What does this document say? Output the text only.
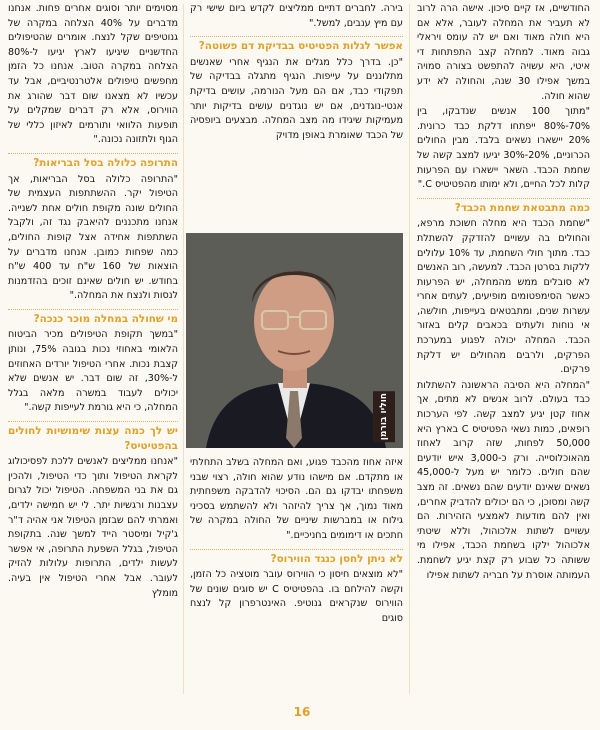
החודשיים, אז קיים סיכון. אישה הרה לרוב לא תעביר את המחלה לעובר, אלא אם היא חולה מאוד ואם יש לה עומס ויראלי גבוה מאוד. למחלה קצב התפתחות די איטי, היא עשויה להתפשט בצורה סמויה במשך אפילו 30 שנה, והחולה לא ידע שהוא חולה.

"מתוך 100 אנשים שנדבקו, בין 70%-80% ייפתחו דלקת כבד כרונית. 20% יישארו נשאים בלבד. מבין החולים הכרוניים, 20%-30% יגיעו למצב קשה של שחמת הכבד. השאר יישארו עם הפרעות קלות לכל החיים, ולא ימותו מהפטיטיס C."

כמה מתבטאת שחמת הכבד?

"שחמת הכבד היא מחלה חשוכת מרפא, והחולים בה עשויים להזדקק להשתלת כבד. מתוך חולי השחמת, עד 10% עלולים ללקות בסרטן הכבד. למעשה, רוב האנשים לא סובלים ממש מהמחלה, יש הפרעות כאשר הסימפטומים מופיעים, לעתים אחרי עשרות שנים, ומתבטאים בעייפות, חולשה, אי נוחות ולעתים בכאבים קלים באזור הכבד. המחלה יכולה לפגוע במערכת הפרקים, ולרבים מהחולים יש דלקת פרקים.

"המחלה היא הסיבה הראשונה להשתלות כבד בעולם. לרוב אנשים לא מתים, אך אחוז קטן יגיע למצב קשה. לפי הערכות רופאים, כמות נשאי הפטיטיס C בארץ היא 50,000 לפחות, שזה קרוב לאחוז מהאוכלוסייה. ורק כ-3,000 איש יודעים שהם חולים. כלומר יש מעל ל-45,000 נשאים שאינם יודעים שהם נשאים. זה מצב קשה ומסוכן, כי הם יכולים להדביק אחרים, ואין להם מודעות לאמצעי הזהירות. הם עשויים לשתות אלכוהול, וללא שיטתי אלכוהול ילקו בשחמת הכבד, אפילו מי ששותה כל שבוע רק קצת יגיע לשחמת. העמותה אוסרת על חבריה לשתות אפילו

בירה. לחברים דתיים ממליצים לקדש ביום שישי רק עם מיץ ענבים, למשל."

אפשר לגלות הפטיטיס בבדיקת דם פשוטה?

"כן. בדרך כלל מגלים את הנגיף אחרי שאנשים מתלוננים על עייפות. הנגיף מתגלה בבדיקה של תפקודי כבד, אם הם מעל הנורמה, עושים בדיקת אנטי-נוגדנים, אם יש נוגדנים עושים בדיקות יותר מעמיקות שיגידו מה מצב המחלה. מבצעים ביופסיה של הכבד שאומרת באופן מדויק

מסוימים יותר וסוגים אחרים פחות. אנחנו מדברים על 40% הצלחה במקרה של גנוטיפים שקל לנצח. אומרים שהטיפולים החדשניים שיגיעו לארץ יגיעו ל-80% הצלחה במקרה הטוב. אנחנו כל הזמן מחפשים טיפולים אלטרנטיביים, אבל עד עכשיו לא מצאנו שום דבר שהורג את הווירוס, אלא רק דברים שמקלים על תופעות הלוואי ותורמים לאיזון כללי של הגוף ולתזונה נכונה."

התרופה כלולה בסל הבריאות?

"התרופה כלולה בסל הבריאות, אך הטיפול יקר. ההשתתפות העצמית של החולים שונה מקופת חולים אחת לשנייה. אנחנו מתכננים להיאבק נגד זה, ולקבל השתתפות אחידה אצל קופות החולים, כמה שפחות כמובן. אנחנו מדברים על הוצאות של 160 ש"ח עד 400 ש"ח בחודש. יש חולים שאינם זוכים בהזדמנות לנסות ולנצח את המחלה."

מי שחולה במחלה מוכר כנכה?

"במשך תקופת הטיפולים מכיר הביטוח הלאומי באחוזי נכות בגובה 75%, ונותן קצבת נכות. אחרי הטיפול יורדים האחוזים ל-30%, זה שום דבר. יש אנשים שלא יכולים לעבוד במשרה מלאה בגלל המחלה, כי היא גורמת לעייפות קשה."

יש לך כמה עצות שימושיות לחולים בהפטיטיס?

"אנחנו ממליצים לאנשים ללכת לפסיכולוג לקראת הטיפול ותוך כדי הטיפול, ולהכין גם את בני המשפחה. הטיפול יכול לגרום עצבנות ורגשיות יתר. לי יש חמישה ילדים, ואמרתי להם שבזמן הטיפול אני אהיה ד"ר ג'קיל ומיסטר הייד למשך שנה. בתקופת הטיפול, בגלל השפעת התרופה, אי אפשר לעשות ילדים, התרופות עלולות להזיק לעובר. אבל אחרי הטיפול אין בעיה. מומלץ

איזה אחוז מהכבד פגוע, ואם המחלה בשלב התחלתי או מתקדם. אם מישהו נודע שהוא חולה, רצוי שבני משפחתו יבדקו גם הם. הסיכוי להדבקה משפחתית מאוד נמוך, אך צריך להיזהר ולא להשתמש בסכיני גילוח או במברשות שיניים של החולה במקרה של חתכים או דימומים בחניכיים."

לא ניתן לחסן כנגד הווירוס?

"לא מוצאים חיסון כי הווירוס עובר מוטציה כל הזמן, וקשה להילחם בו. בהפטיטיס C יש סוגים שונים של הווירוס שנקראים גנוטיפ. האינטרפרון קל לנצח סוגים

חוליו בורמן
16
